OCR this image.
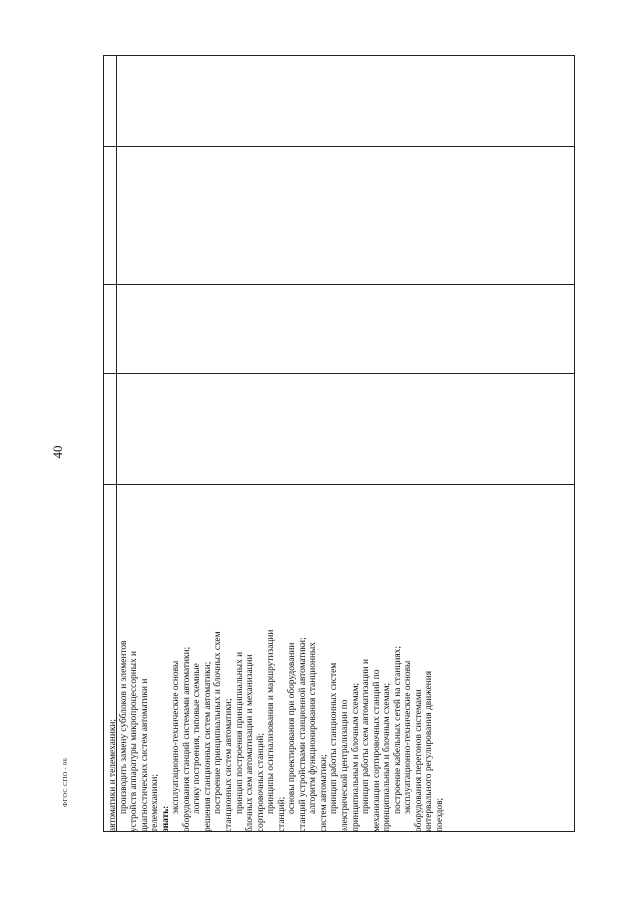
40
ФГОС СПО - 06	автоматики и телемеханики; производить замену субблоков и элементов устройств аппаратуры микропроцессорных и диагностических систем автоматики и телемеханики; знать:

эксплуатационно-технические основы оборудования станций системами автоматики; логику построения, типовые схемные решения станционных систем автоматики; построение принципиальных и блочных схем станционных систем автоматики; принцип построения принципиальных и блочных схем автоматизации и механизации сортировочных станций; принципы осигнализования и маршрутизации

станций;

основы проектирования при оборудовании станций устройствами станционной автоматики; алгоритм функционирования станционных систем автоматики; принцип работы станционных систем электрической централизации по принципиальным и блочным схемам; принцип работы схем автоматизации и механизации сортировочных станций по принципиальным и блочным схемам; построение кабельных сетей на станциях; эксплуатационно-технические основы оборудования перегонов системами интервального регулирования движения поездов;
